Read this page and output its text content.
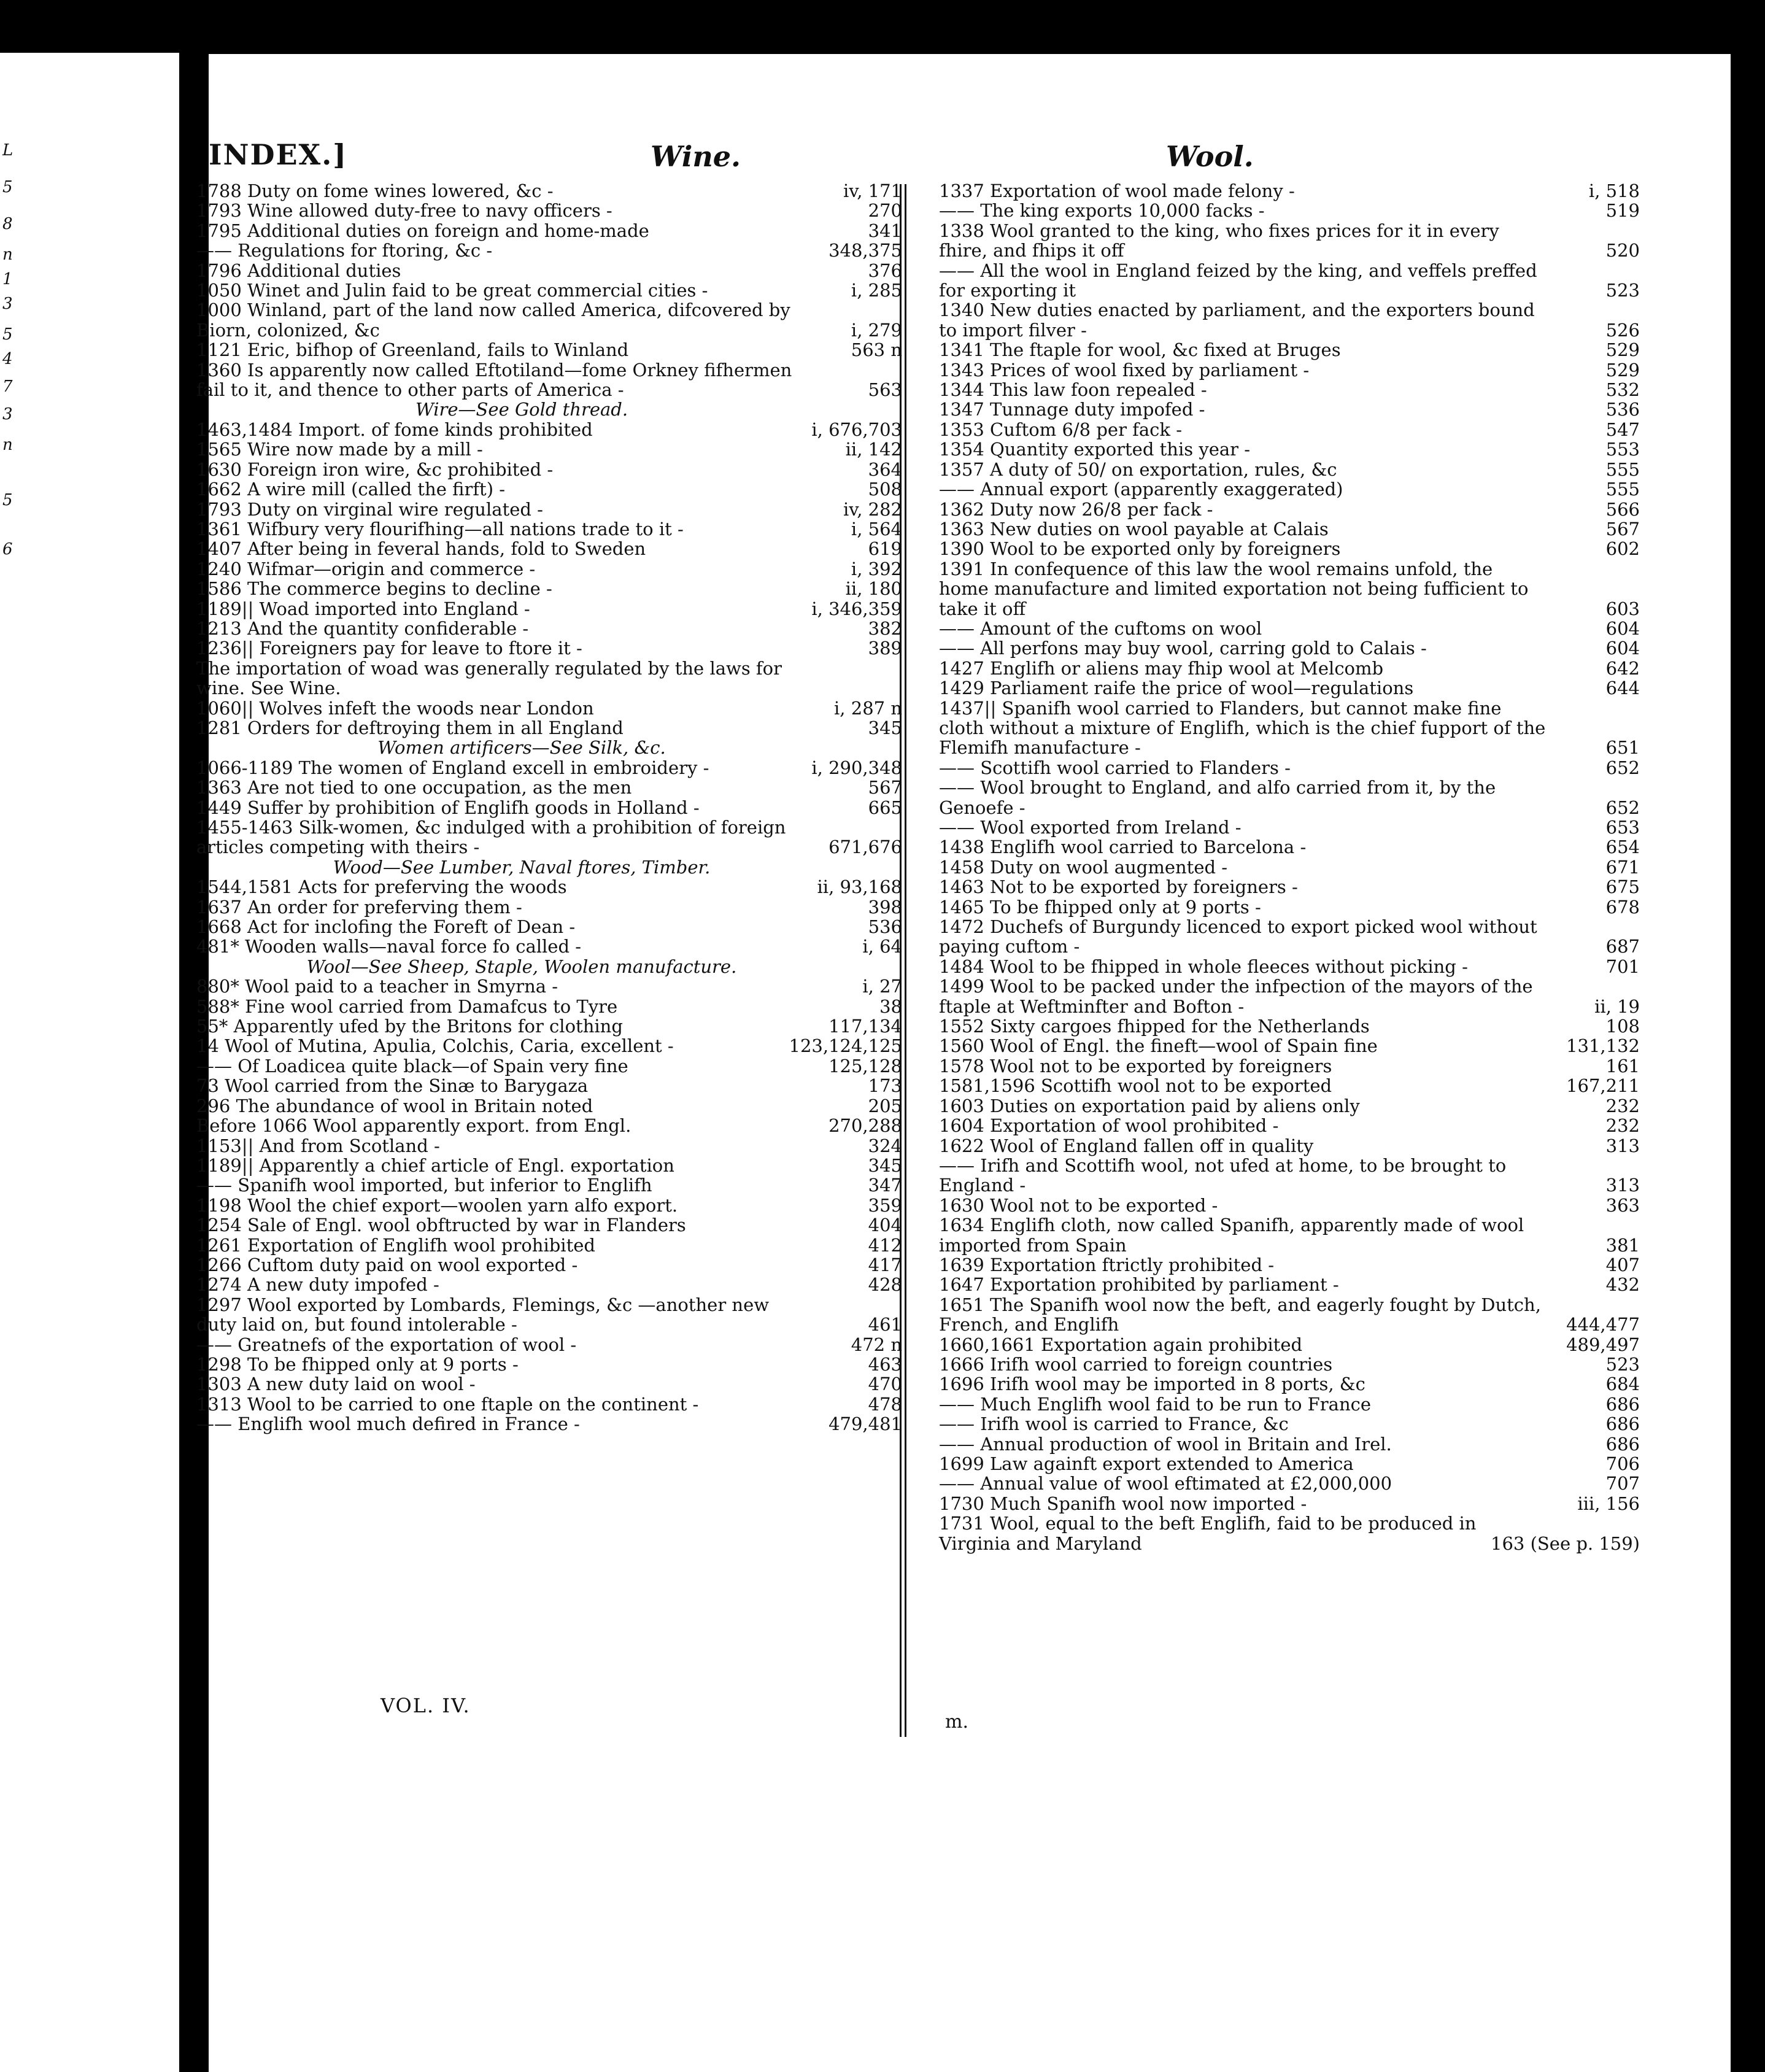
L
5
8
n
1
3
5
4
7
3
n
5
6
INDEX.]	Wine.	Wool.
1788 Duty on fome wines lowered, &c -	iv, 171
1793 Wine allowed duty-free to navy officers -	270
1795 Additional duties on foreign and home-made	341
—— Regulations for ftoring, &c -	348,375
1796 Additional duties	376
1050 Winet and Julin faid to be great commercial cities -	i, 285
1000 Winland, part of the land now called America, difcovered by Biorn, colonized, &c	i, 279
1121 Eric, bifhop of Greenland, fails to Winland	563 n
1360 Is apparently now called Eftotiland—fome Orkney fifhermen fail to it, and thence to other parts of America -	563
Wire—See Gold thread.
1463,1484 Import. of fome kinds prohibited	i, 676,703
1565 Wire now made by a mill -	ii, 142
1630 Foreign iron wire, &c prohibited -	364
1662 A wire mill (called the firft) -	508
1793 Duty on virginal wire regulated -	iv, 282
1361 Wifbury very flourifhing—all nations trade to it -	i, 564
1407 After being in feveral hands, fold to Sweden	619
1240 Wifmar—origin and commerce -	i, 392
1586 The commerce begins to decline -	ii, 180
1189|| Woad imported into England -	i, 346,359
1213 And the quantity confiderable -	382
1236|| Foreigners pay for leave to ftore it -	389
The importation of woad was generally regulated by the laws for wine. See Wine.
1060|| Wolves infeft the woods near London	i, 287 n
1281 Orders for deftroying them in all England	345
Women artificers—See Silk, &c.
1066-1189 The women of England excell in embroidery -	i, 290,348
1363 Are not tied to one occupation, as the men	567
1449 Suffer by prohibition of Englifh goods in Holland -	665
1455-1463 Silk-women, &c indulged with a prohibition of foreign articles competing with theirs -	671,676
Wood—See Lumber, Naval ftores, Timber.
1544,1581 Acts for preferving the woods	ii, 93,168
1637 An order for preferving them -	398
1668 Act for inclofing the Foreft of Dean -	536
481* Wooden walls—naval force fo called -	i, 64
Wool—See Sheep, Staple, Woolen manufacture.
880* Wool paid to a teacher in Smyrna -	i, 27
588* Fine wool carried from Damafcus to Tyre	38
55* Apparently ufed by the Britons for clothing	117,134
14 Wool of Mutina, Apulia, Colchis, Caria, excellent -	123,124,125
—— Of Loadicea quite black—of Spain very fine	125,128
73 Wool carried from the Sinæ to Barygaza	173
296 The abundance of wool in Britain noted	205
Before 1066 Wool apparently export. from Engl.	270,288
1153|| And from Scotland -	324
1189|| Apparently a chief article of Engl. exportation	345
—— Spanifh wool imported, but inferior to Englifh	347
1198 Wool the chief export—woolen yarn alfo export.	359
1254 Sale of Engl. wool obftructed by war in Flanders	404
1261 Exportation of Englifh wool prohibited	412
1266 Cuftom duty paid on wool exported -	417
1274 A new duty impofed -	428
1297 Wool exported by Lombards, Flemings, &c —another new duty laid on, but found intolerable -	461
—— Greatnefs of the exportation of wool -	472 n
1298 To be fhipped only at 9 ports -	463
1303 A new duty laid on wool -	470
1313 Wool to be carried to one ftaple on the continent -	478
—— Englifh wool much defired in France -	479,481
1337 Exportation of wool made felony -	i, 518
—— The king exports 10,000 facks -	519
1338 Wool granted to the king, who fixes prices for it in every fhire, and fhips it off	520
—— All the wool in England feized by the king, and veffels preffed for exporting it	523
1340 New duties enacted by parliament, and the exporters bound to import filver -	526
1341 The ftaple for wool, &c fixed at Bruges	529
1343 Prices of wool fixed by parliament -	529
1344 This law foon repealed -	532
1347 Tunnage duty impofed -	536
1353 Cuftom 6/8 per fack -	547
1354 Quantity exported this year -	553
1357 A duty of 50/ on exportation, rules, &c	555
—— Annual export (apparently exaggerated)	555
1362 Duty now 26/8 per fack -	566
1363 New duties on wool payable at Calais	567
1390 Wool to be exported only by foreigners	602
1391 In confequence of this law the wool remains unfold, the home manufacture and limited exportation not being fufficient to take it off	603
—— Amount of the cuftoms on wool	604
—— All perfons may buy wool, carring gold to Calais -	604
1427 Englifh or aliens may fhip wool at Melcomb	642
1429 Parliament raife the price of wool—regulations	644
1437|| Spanifh wool carried to Flanders, but cannot make fine cloth without a mixture of Englifh, which is the chief fupport of the Flemifh manufacture -	651
—— Scottifh wool carried to Flanders -	652
—— Wool brought to England, and alfo carried from it, by the Genoefe -	652
—— Wool exported from Ireland -	653
1438 Englifh wool carried to Barcelona -	654
1458 Duty on wool augmented -	671
1463 Not to be exported by foreigners -	675
1465 To be fhipped only at 9 ports -	678
1472 Duchefs of Burgundy licenced to export picked wool without paying cuftom -	687
1484 Wool to be fhipped in whole fleeces without picking -	701
1499 Wool to be packed under the infpection of the mayors of the ftaple at Weftminfter and Bofton -	ii, 19
1552 Sixty cargoes fhipped for the Netherlands	108
1560 Wool of Engl. the fineft—wool of Spain fine	131,132
1578 Wool not to be exported by foreigners	161
1581,1596 Scottifh wool not to be exported	167,211
1603 Duties on exportation paid by aliens only	232
1604 Exportation of wool prohibited -	232
1622 Wool of England fallen off in quality	313
—— Irifh and Scottifh wool, not ufed at home, to be brought to England -	313
1630 Wool not to be exported -	363
1634 Englifh cloth, now called Spanifh, apparently made of wool imported from Spain	381
1639 Exportation ftrictly prohibited -	407
1647 Exportation prohibited by parliament -	432
1651 The Spanifh wool now the beft, and eagerly fought by Dutch, French, and Englifh	444,477
1660,1661 Exportation again prohibited	489,497
1666 Irifh wool carried to foreign countries	523
1696 Irifh wool may be imported in 8 ports, &c	684
—— Much Englifh wool faid to be run to France	686
—— Irifh wool is carried to France, &c	686
—— Annual production of wool in Britain and Irel.	686
1699 Law againft export extended to America	706
—— Annual value of wool eftimated at £2,000,000	707
1730 Much Spanifh wool now imported -	iii, 156
1731 Wool, equal to the beft Englifh, faid to be produced in Virginia and Maryland	163 (See p. 159)
VOL. IV.
m.
